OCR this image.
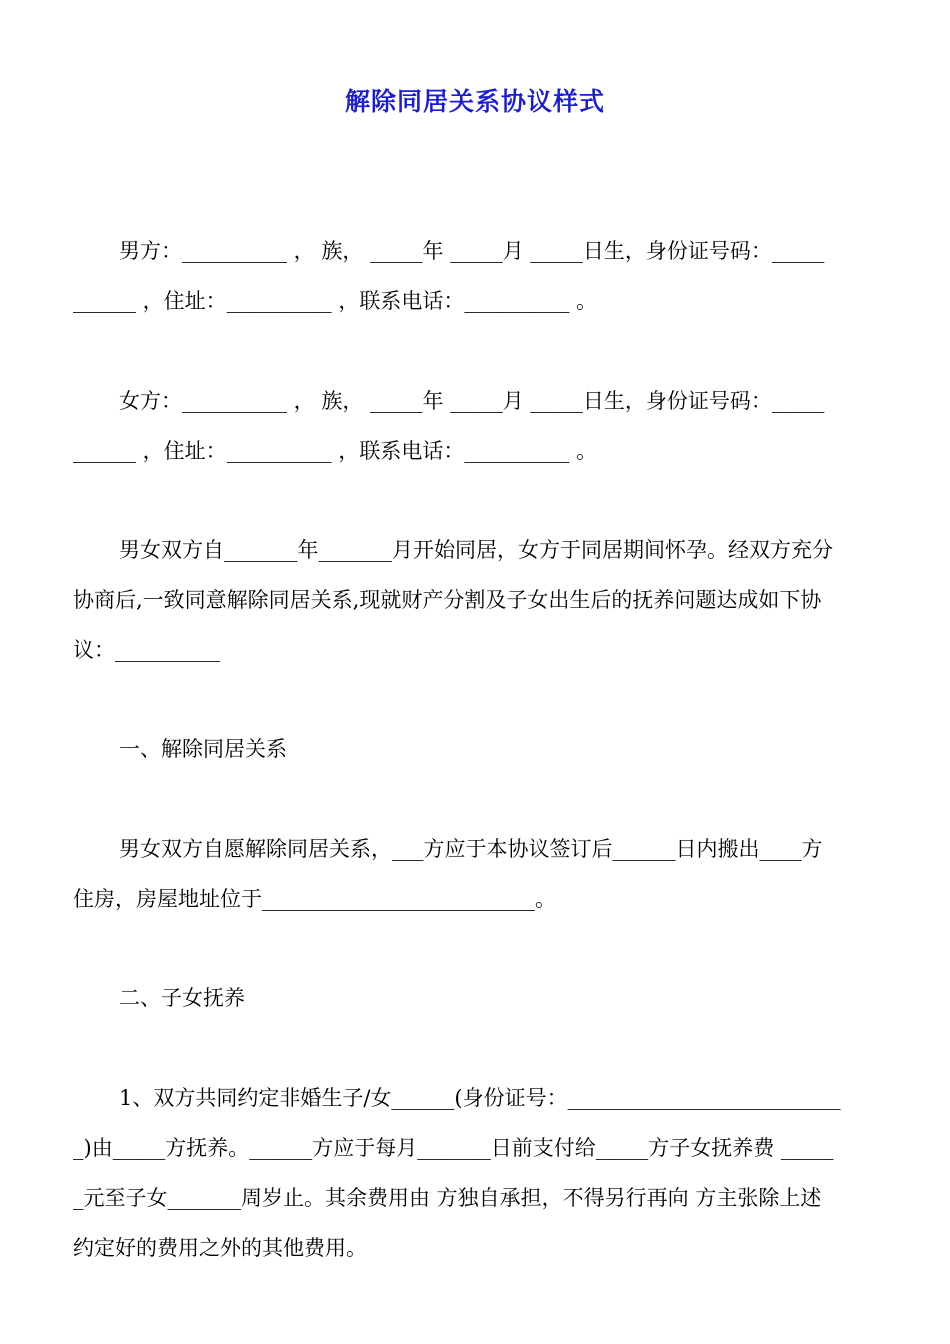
解除同居关系协议样式
男方：__________ ， 族， _____年 _____月 _____日生，身份证号码：_____
______ ，住址：__________ ，联系电话：__________ 。
女方：__________ ， 族， _____年 _____月 _____日生，身份证号码：_____
______ ，住址：__________ ，联系电话：__________ 。
男女双方自_______年_______月开始同居，女方于同居期间怀孕。经双方充分
协商后,一致同意解除同居关系,现就财产分割及子女出生后的抚养问题达成如下协
议：__________
一、解除同居关系
男女双方自愿解除同居关系，___方应于本协议签订后______日内搬出____方
住房，房屋地址位于__________________________。
二、子女抚养
1、双方共同约定非婚生子/女______(身份证号：__________________________
_)由_____方抚养。______方应于每月_______日前支付给_____方子女抚养费 _____
_元至子女_______周岁止。其余费用由 方独自承担，不得另行再向 方主张除上述
约定好的费用之外的其他费用。
